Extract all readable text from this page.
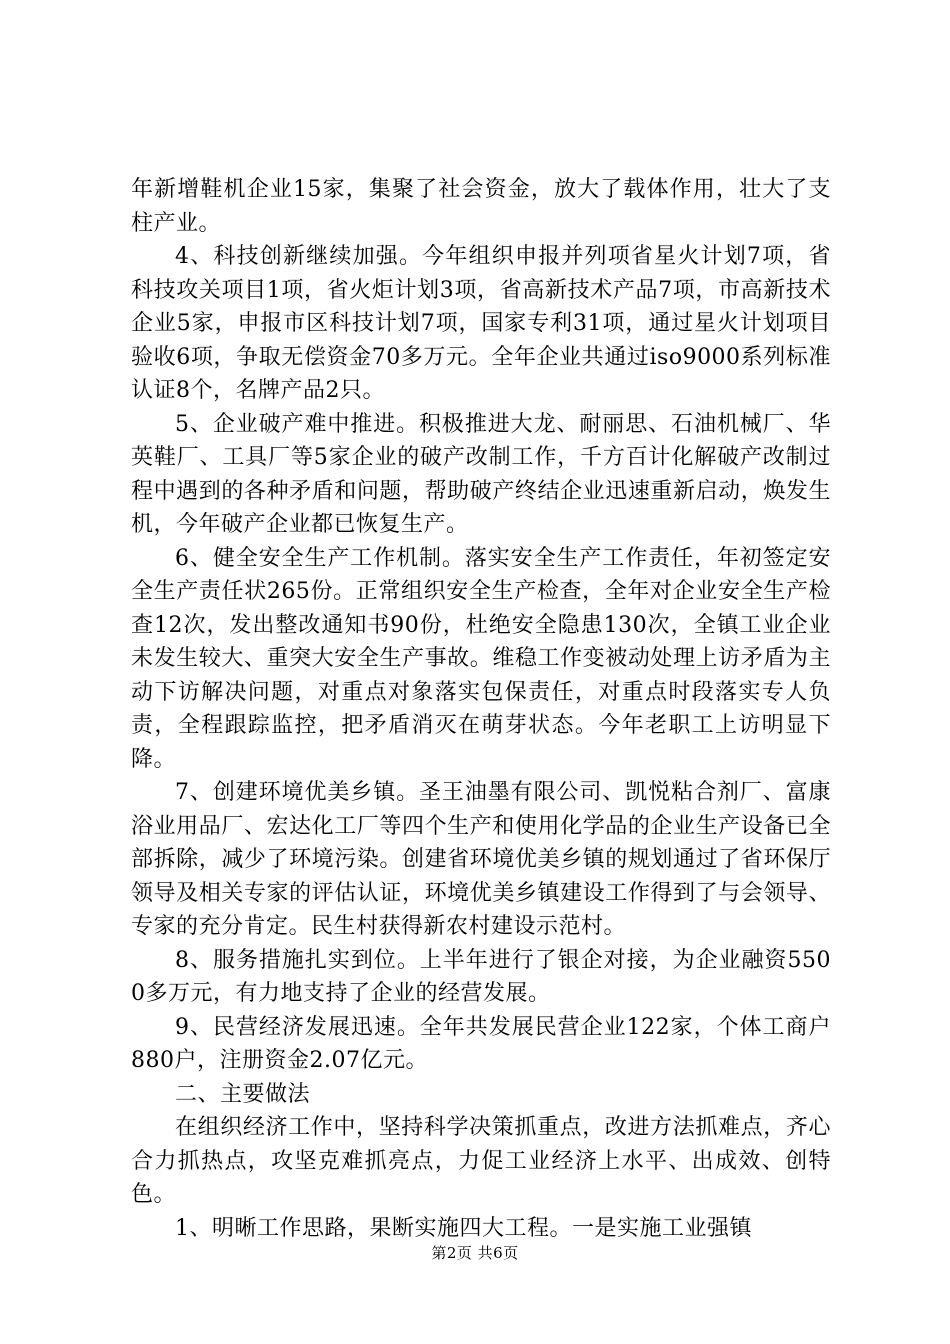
年新增鞋机企业15家，集聚了社会资金，放大了载体作用，壮大了支柱产业。

4、科技创新继续加强。今年组织申报并列项省星火计划7项，省科技攻关项目1项，省火炬计划3项，省高新技术产品7项，市高新技术企业5家，申报市区科技计划7项，国家专利31项，通过星火计划项目验收6项，争取无偿资金70多万元。全年企业共通过iso9000系列标准认证8个，名牌产品2只。

5、企业破产难中推进。积极推进大龙、耐丽思、石油机械厂、华英鞋厂、工具厂等5家企业的破产改制工作，千方百计化解破产改制过程中遇到的各种矛盾和问题，帮助破产终结企业迅速重新启动，焕发生机，今年破产企业都已恢复生产。

6、健全安全生产工作机制。落实安全生产工作责任，年初签定安全生产责任状265份。正常组织安全生产检查，全年对企业安全生产检查12次，发出整改通知书90份，杜绝安全隐患130次，全镇工业企业未发生较大、重突大安全生产事故。维稳工作变被动处理上访矛盾为主动下访解决问题，对重点对象落实包保责任，对重点时段落实专人负责，全程跟踪监控，把矛盾消灭在萌芽状态。今年老职工上访明显下降。

7、创建环境优美乡镇。圣王油墨有限公司、凯悦粘合剂厂、富康浴业用品厂、宏达化工厂等四个生产和使用化学品的企业生产设备已全部拆除，减少了环境污染。创建省环境优美乡镇的规划通过了省环保厅领导及相关专家的评估认证，环境优美乡镇建设工作得到了与会领导、专家的充分肯定。民生村获得新农村建设示范村。

8、服务措施扎实到位。上半年进行了银企对接，为企业融资5500多万元，有力地支持了企业的经营发展。

9、民营经济发展迅速。全年共发展民营企业122家，个体工商户880户，注册资金2.07亿元。

二、主要做法

在组织经济工作中，坚持科学决策抓重点，改进方法抓难点，齐心合力抓热点，攻坚克难抓亮点，力促工业经济上水平、出成效、创特色。

1、明晰工作思路，果断实施四大工程。一是实施工业强镇

第2页 共6页
